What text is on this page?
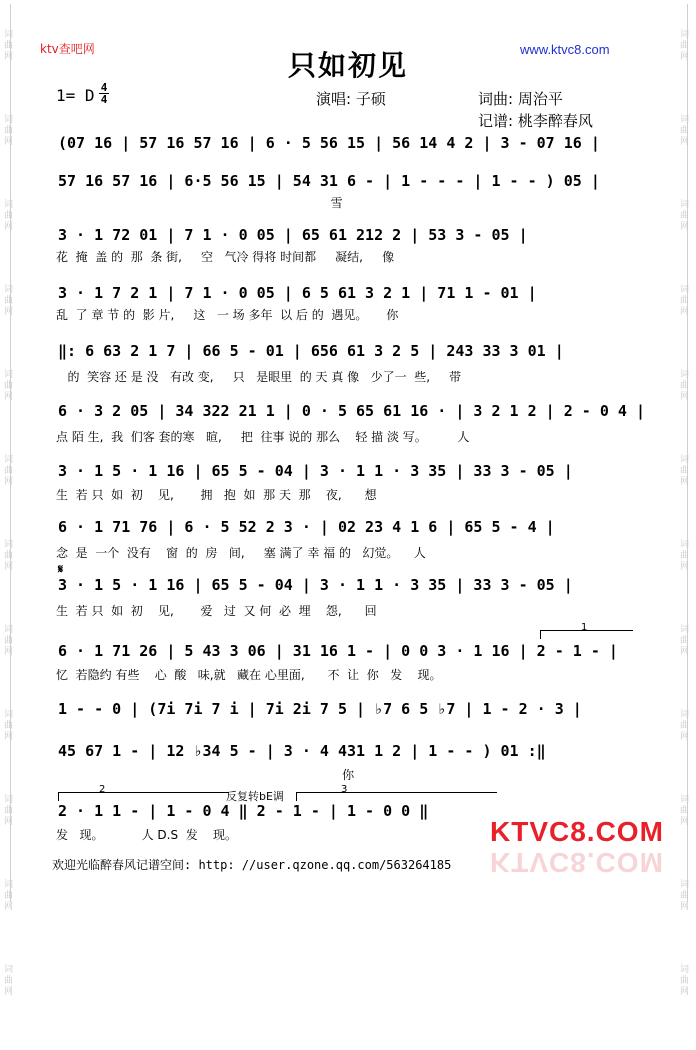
词曲网
词曲网
词曲网
词曲网
词曲网
词曲网
词曲网
词曲网
词曲网
词曲网
词曲网
词曲网
词曲网
词曲网
词曲网
词曲网
词曲网
词曲网
词曲网
词曲网
词曲网
词曲网
词曲网
词曲网
ktv查吧网	www.ktvc8.com
只如初见
1= D 4
4	演唱: 子硕	词曲: 周治平
记谱: 桃李醉春风
(07 16 | 57 16 57 16 | 6 · 5 56 15 | 56 14 4 2 | 3 - 07 16 |
57 16 57 16 | 6·5 56 15 | 54 31 6 - | 1 - - - | 1 - - ) 05 |
雪
3 · 1 72 01 | 7 1 · 0 05 | 65 61 212 2 | 53 3 - 05 |
花  掩  盖 的  那  条 街,     空   气冷 得将 时间都     凝结,     像
3 · 1 7 2 1 | 7 1 · 0 05 | 6 5 61 3 2 1 | 71 1 - 01 |
乱  了 章 节 的  影 片,     这   一 场 多年  以 后 的  遇见。     你
‖: 6 63 2 1 7 | 66 5 - 01 | 656 61 3 2 5 | 243 33 3 01 |
的  笑容 还 是 没   有改 变,     只   是眼里  的 天 真 像   少了一  些,     带
6 · 3 2 05 | 34 322 21 1 | 0 · 5 65 61 16 · | 3 2 1 2 | 2 - 0 4 |
点 陌 生,  我  们客 套的寒   暄,     把  往事 说的 那么    轻 描 淡 写。        人
3 · 1 5 · 1 16 | 65 5 - 04 | 3 · 1 1 · 3 35 | 33 3 - 05 |
生  若 只  如  初    见,       拥   抱  如  那 天  那    夜,      想
6 · 1 71 76 | 6 · 5 52 2 3 · | 02 23 4 1 6 | 65 5 - 4 |
念  是  一个  没有    窗  的  房   间,     塞 满了 幸 福 的   幻觉。    人
𝄋
3 · 1 5 · 1 16 | 65 5 - 04 | 3 · 1 1 · 3 35 | 33 3 - 05 |
生  若 只  如  初    见,       爱   过  又 何  必  埋    怨,      回
1
6 · 1 71 26 | 5 43 3 06 | 31 16 1 - | 0 0 3 · 1 16 | 2 - 1 - |
忆  若隐约 有些    心  酸   味,就   藏在 心里面,      不  让  你   发    现。
1 - - 0 | (7i 7i 7 i | 7i 2i 7 5 | ♭7 6 5 ♭7 | 1 - 2 · 3 |
45 67 1 - | 12 ♭34 5 - | 3 · 4 431 1 2 | 1 - - ) 01 :‖
你
2
反复转bE调
3
2 · 1 1 - | 1 - 0 4 ‖ 2 - 1 - | 1 - 0 0 ‖
发   现。          人 D.S  发    现。
欢迎光临醉春风记谱空间: http: //user.qzone.qq.com/563264185
KTVC8.COM
KTVC8.COM
